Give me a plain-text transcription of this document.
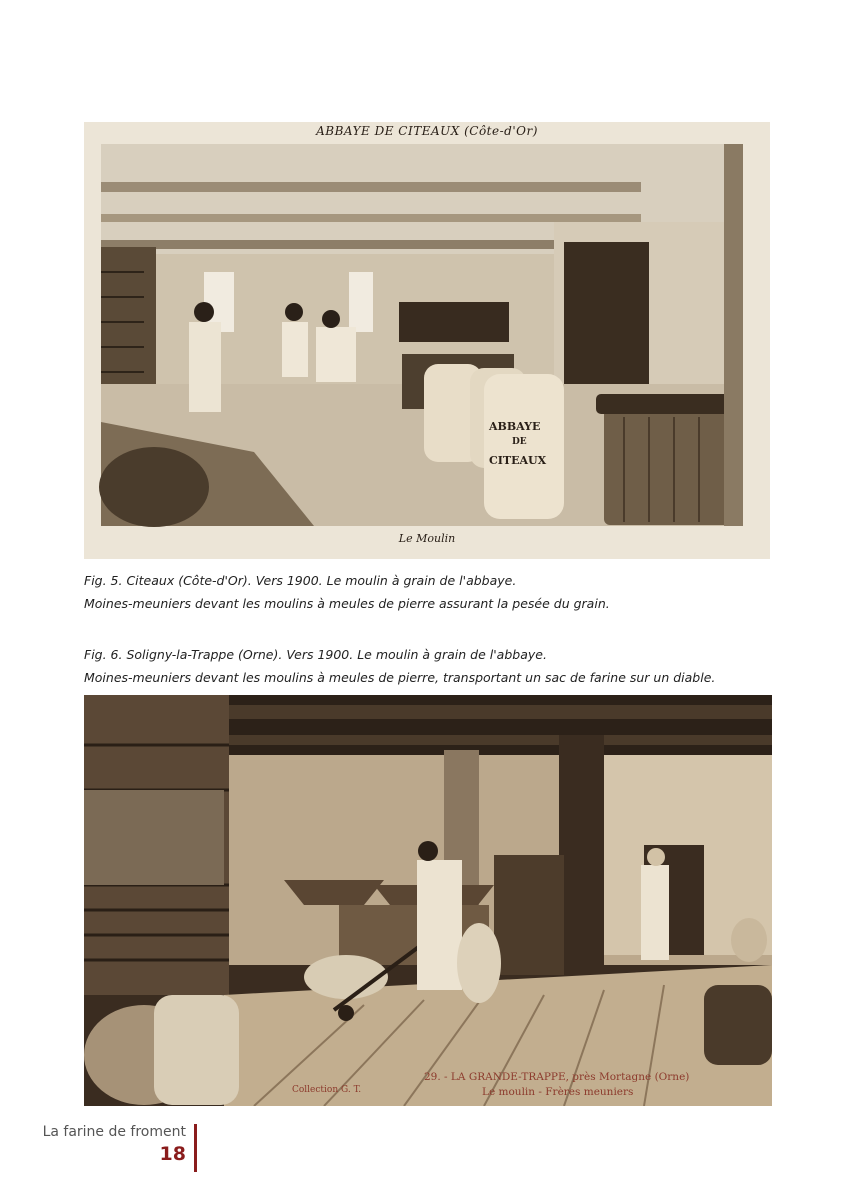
ABBAYE DE CITEAUX (Côte-d'Or)
ABBAYE
DE
CITEAUX
Le Moulin
Fig. 5. Citeaux (Côte-d'Or). Vers 1900. Le moulin à grain de l'abbaye.
Moines-meuniers devant les moulins à meules de pierre assurant la pesée du grain.
Fig. 6. Soligny-la-Trappe (Orne). Vers 1900. Le moulin à grain de l'abbaye.
Moines-meuniers devant les moulins à meules de pierre, transportant un sac de farine sur un diable.
Collection G. T.
29. - LA GRANDE-TRAPPE, près Mortagne (Orne)
Le moulin - Frères meuniers
La farine de froment
18
